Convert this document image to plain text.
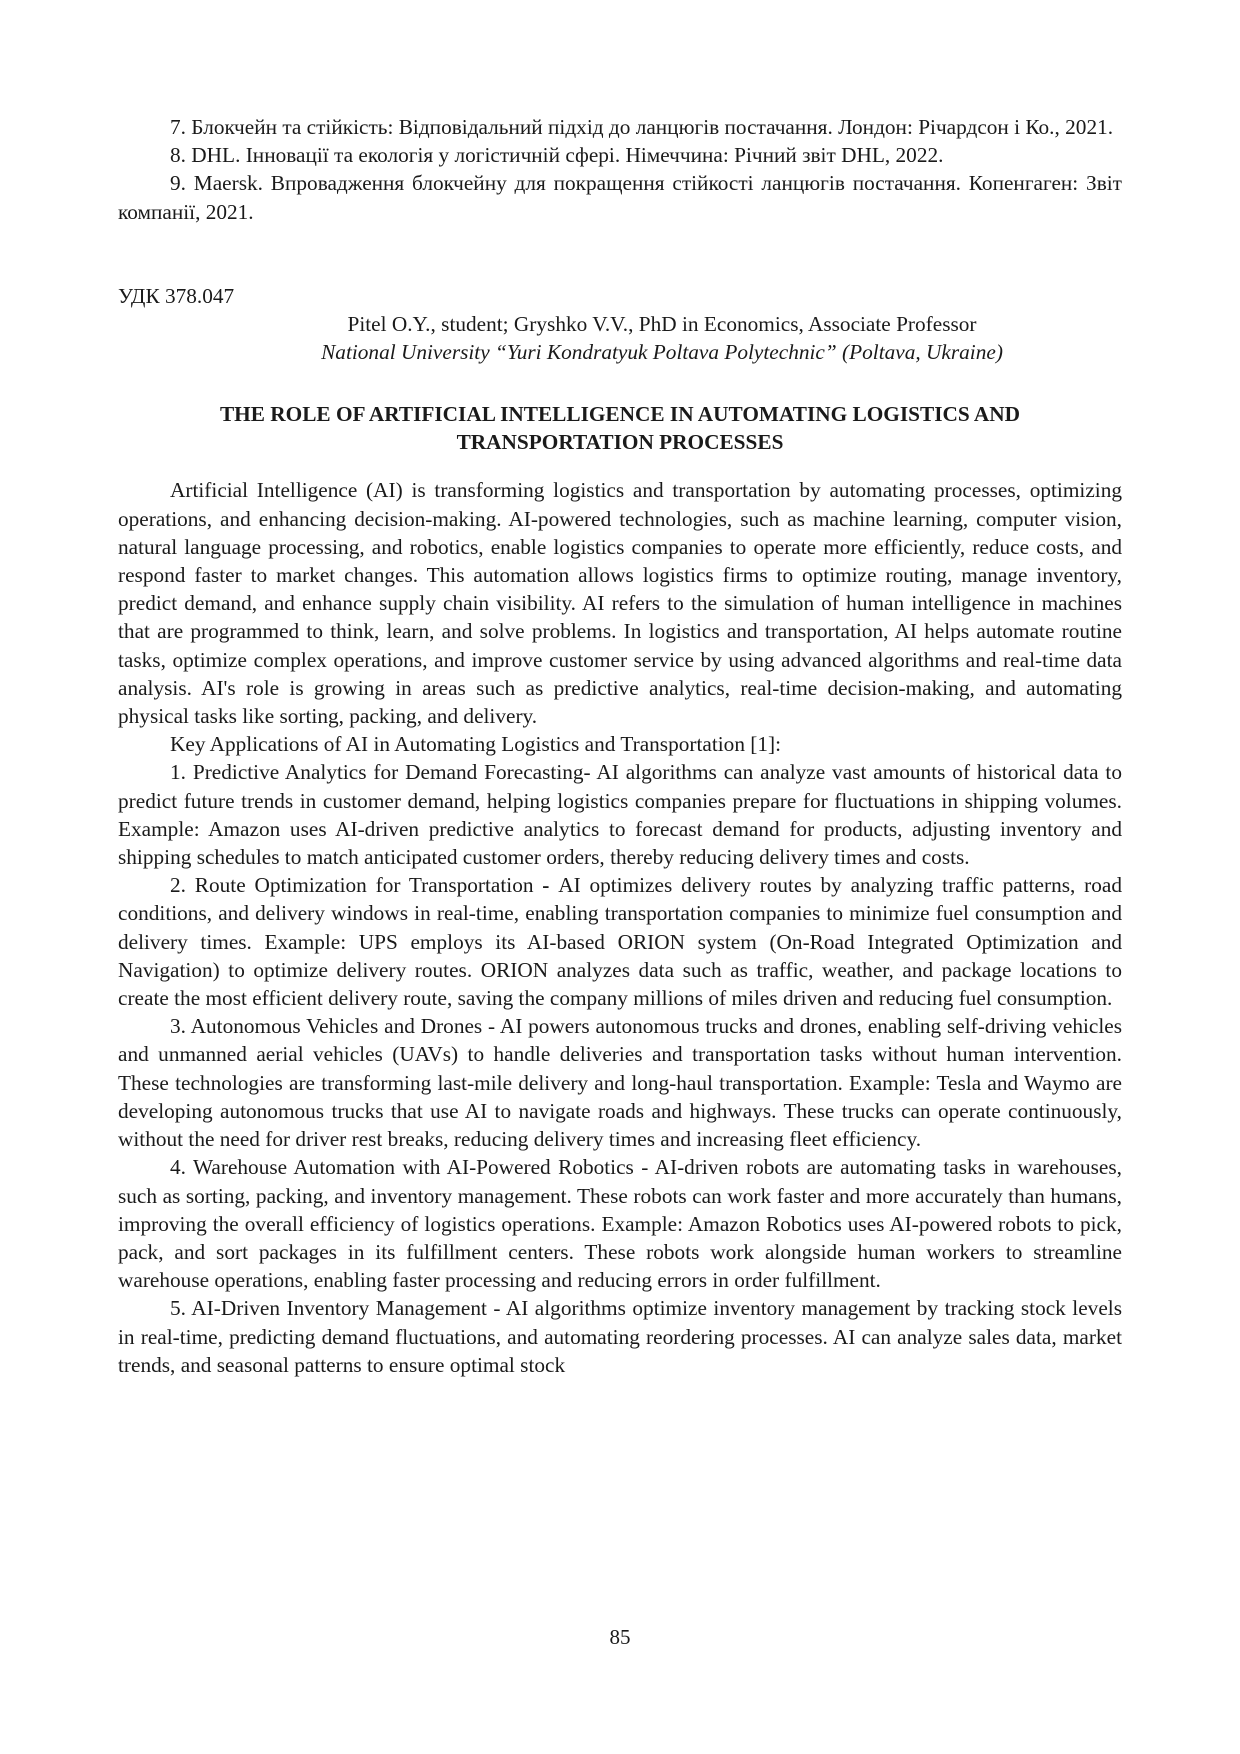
7. Блокчейн та стійкість: Відповідальний підхід до ланцюгів постачання. Лондон: Річардсон і Ко., 2021.

8. DHL. Інновації та екологія у логістичній сфері. Німеччина: Річний звіт DHL, 2022.

9. Maersk. Впровадження блокчейну для покращення стійкості ланцюгів постачання. Копенгаген: Звіт компанії, 2021.

УДК 378.047

Pitel O.Y., student; Gryshko V.V., PhD in Economics, Associate Professor

National University “Yuri Kondratyuk Poltava Polytechnic” (Poltava, Ukraine)

THE ROLE OF ARTIFICIAL INTELLIGENCE IN AUTOMATING LOGISTICS AND
TRANSPORTATION PROCESSES

Artificial Intelligence (AI) is transforming logistics and transportation by automating processes, optimizing operations, and enhancing decision-making. AI-powered technologies, such as machine learning, computer vision, natural language processing, and robotics, enable logistics companies to operate more efficiently, reduce costs, and respond faster to market changes. This automation allows logistics firms to optimize routing, manage inventory, predict demand, and enhance supply chain visibility. AI refers to the simulation of human intelligence in machines that are programmed to think, learn, and solve problems. In logistics and transportation, AI helps automate routine tasks, optimize complex operations, and improve customer service by using advanced algorithms and real-time data analysis. AI's role is growing in areas such as predictive analytics, real-time decision-making, and automating physical tasks like sorting, packing, and delivery.

Key Applications of AI in Automating Logistics and Transportation [1]:

1. Predictive Analytics for Demand Forecasting- AI algorithms can analyze vast amounts of historical data to predict future trends in customer demand, helping logistics companies prepare for fluctuations in shipping volumes. Example: Amazon uses AI-driven predictive analytics to forecast demand for products, adjusting inventory and shipping schedules to match anticipated customer orders, thereby reducing delivery times and costs.

2. Route Optimization for Transportation - AI optimizes delivery routes by analyzing traffic patterns, road conditions, and delivery windows in real-time, enabling transportation companies to minimize fuel consumption and delivery times. Example: UPS employs its AI-based ORION system (On-Road Integrated Optimization and Navigation) to optimize delivery routes. ORION analyzes data such as traffic, weather, and package locations to create the most efficient delivery route, saving the company millions of miles driven and reducing fuel consumption.

3. Autonomous Vehicles and Drones - AI powers autonomous trucks and drones, enabling self-driving vehicles and unmanned aerial vehicles (UAVs) to handle deliveries and transportation tasks without human intervention. These technologies are transforming last-mile delivery and long-haul transportation. Example: Tesla and Waymo are developing autonomous trucks that use AI to navigate roads and highways. These trucks can operate continuously, without the need for driver rest breaks, reducing delivery times and increasing fleet efficiency.

4. Warehouse Automation with AI-Powered Robotics - AI-driven robots are automating tasks in warehouses, such as sorting, packing, and inventory management. These robots can work faster and more accurately than humans, improving the overall efficiency of logistics operations. Example: Amazon Robotics uses AI-powered robots to pick, pack, and sort packages in its fulfillment centers. These robots work alongside human workers to streamline warehouse operations, enabling faster processing and reducing errors in order fulfillment.

5. AI-Driven Inventory Management - AI algorithms optimize inventory management by tracking stock levels in real-time, predicting demand fluctuations, and automating reordering processes. AI can analyze sales data, market trends, and seasonal patterns to ensure optimal stock

85
